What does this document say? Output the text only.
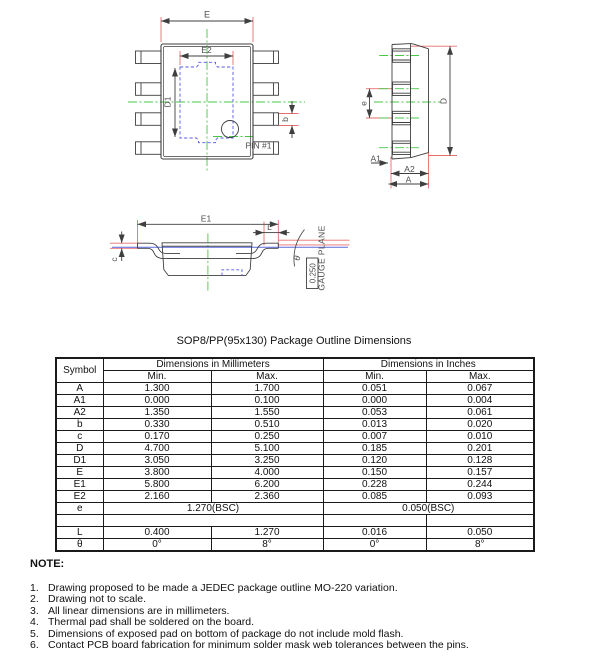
E
E2
D1
b
PIN #1
D
e
A1
A2
A
E1
L
c	θ
0.250 GAUGE PLANE
SOP8/PP(95x130) Package Outline Dimensions
Symbol	Dimensions in Millimeters		Dimensions in Inches	
	Min.	Max.	Min.	Max.
A	1.300	1.700	0.051	0.067
A1	0.000	0.100	0.000	0.004
A2	1.350	1.550	0.053	0.061
b	0.330	0.510	0.013	0.020
c	0.170	0.250	0.007	0.010
D	4.700	5.100	0.185	0.201
D1	3.050	3.250	0.120	0.128
E	3.800	4.000	0.150	0.157
E1	5.800	6.200	0.228	0.244
E2	2.160	2.360	0.085	0.093
e	1.270(BSC)		0.050(BSC)	

L	0.400	1.270	0.016	0.050
θ	0°	8°	0°	8°
NOTE:
1. Drawing proposed to be made a JEDEC package outline MO-220 variation.
2. Drawing not to scale.
3. All linear dimensions are in millimeters.
4. Thermal pad shall be soldered on the board.
5. Dimensions of exposed pad on bottom of package do not include mold flash.
6. Contact PCB board fabrication for minimum solder mask web tolerances between the pins.
